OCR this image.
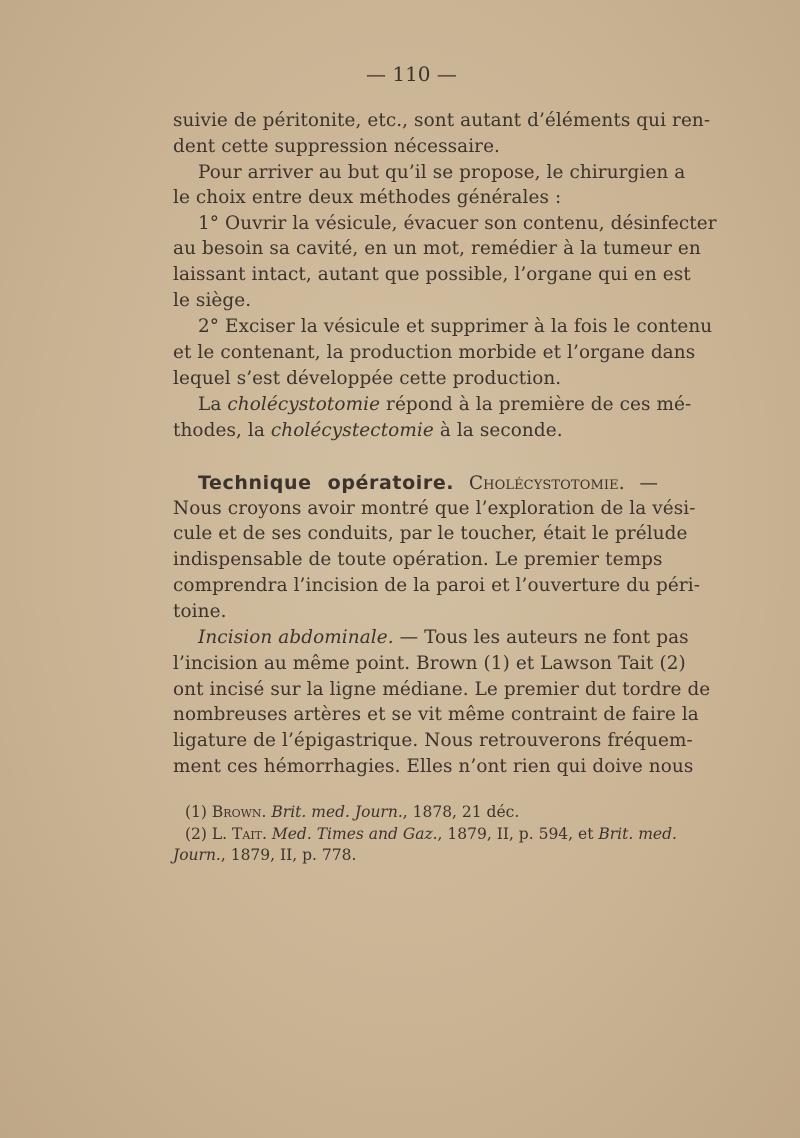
— 110 —
suivie de péritonite, etc., sont autant d’éléments qui ren-
dent cette suppression nécessaire.
Pour arriver au but qu’il se propose, le chirurgien a
le choix entre deux méthodes générales :
1° Ouvrir la vésicule, évacuer son contenu, désinfecter
au besoin sa cavité, en un mot, remédier à la tumeur en
laissant intact, autant que possible, l’organe qui en est
le siège.
2° Exciser la vésicule et supprimer à la fois le contenu
et le contenant, la production morbide et l’organe dans
lequel s’est développée cette production.
La cholécystotomie répond à la première de ces mé-
thodes, la cholécystectomie à la seconde.
Technique opératoire. Cholécystotomie. —
Nous croyons avoir montré que l’exploration de la vési-
cule et de ses conduits, par le toucher, était le prélude
indispensable de toute opération. Le premier temps
comprendra l’incision de la paroi et l’ouverture du péri-
toine.
Incision abdominale. — Tous les auteurs ne font pas
l’incision au même point. Brown (1) et Lawson Tait (2)
ont incisé sur la ligne médiane. Le premier dut tordre de
nombreuses artères et se vit même contraint de faire la
ligature de l’épigastrique. Nous retrouverons fréquem-
ment ces hémorrhagies. Elles n’ont rien qui doive nous
(1) Brown. Brit. med. Journ., 1878, 21 déc.
(2) L. Tait. Med. Times and Gaz., 1879, II, p. 594, et Brit. med.
Journ., 1879, II, p. 778.
